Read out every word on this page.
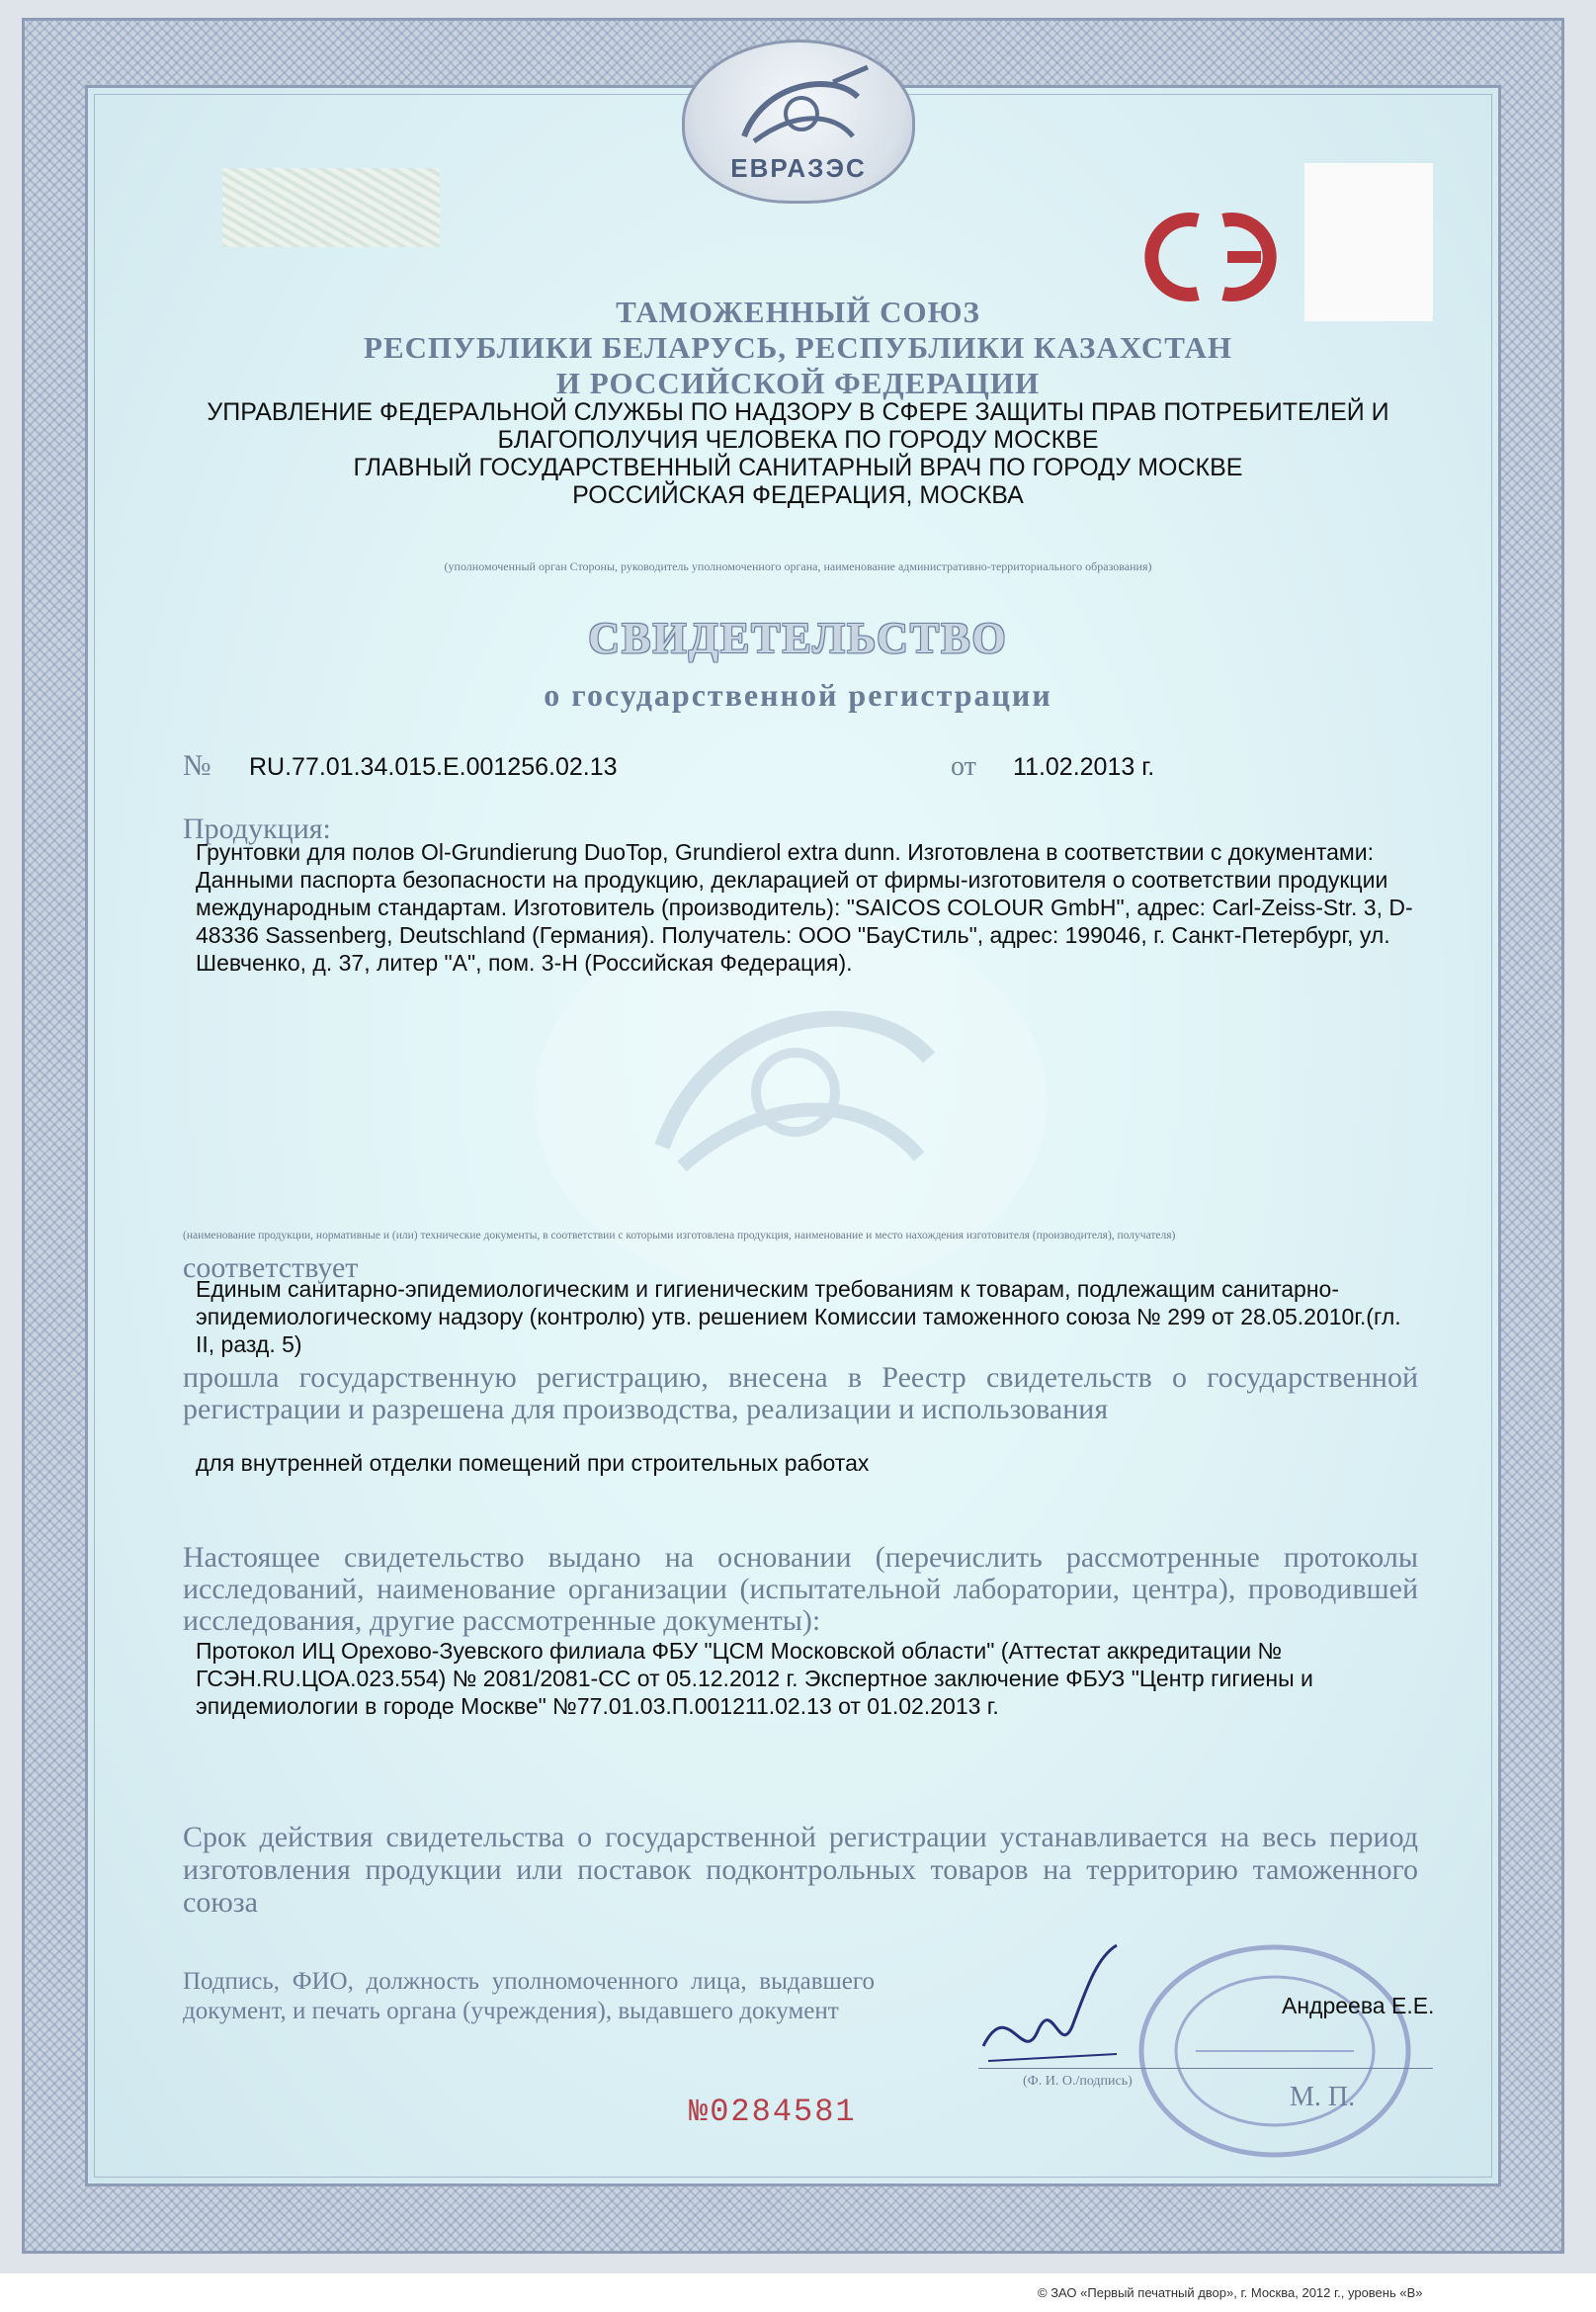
ЕВРАЗЭС

ТАМОЖЕННЫЙ СОЮЗ

РЕСПУБЛИКИ БЕЛАРУСЬ, РЕСПУБЛИКИ КАЗАХСТАН

И РОССИЙСКОЙ ФЕДЕРАЦИИ

УПРАВЛЕНИЕ ФЕДЕРАЛЬНОЙ СЛУЖБЫ ПО НАДЗОРУ В СФЕРЕ ЗАЩИТЫ ПРАВ ПОТРЕБИТЕЛЕЙ И

БЛАГОПОЛУЧИЯ ЧЕЛОВЕКА ПО ГОРОДУ МОСКВЕ

ГЛАВНЫЙ ГОСУДАРСТВЕННЫЙ САНИТАРНЫЙ ВРАЧ ПО ГОРОДУ МОСКВЕ

РОССИЙСКАЯ ФЕДЕРАЦИЯ, МОСКВА

(уполномоченный орган Стороны, руководитель уполномоченного органа, наименование административно-территориального образования)

СВИДЕТЕЛЬСТВО

о государственной регистрации

№ RU.77.01.34.015.Е.001256.02.13	от 11.02.2013 г.

Продукция:

Грунтовки для полов Ol-Grundierung DuoTop, Grundierol extra dunn. Изготовлена в соответствии с документами: Данными паспорта безопасности на продукцию, декларацией от фирмы-изготовителя о соответствии продукции международным стандартам. Изготовитель (производитель): "SAICOS COLOUR GmbH", адрес: Carl-Zeiss-Str. 3, D-48336 Sassenberg, Deutschland (Германия). Получатель: ООО "БауСтиль", адрес: 199046, г. Санкт-Петербург, ул. Шевченко, д. 37, литер "А", пом. 3-Н (Российская Федерация).

(наименование продукции, нормативные и (или) технические документы, в соответствии с которыми изготовлена продукция, наименование и место нахождения изготовителя (производителя), получателя)

соответствует

Единым санитарно-эпидемиологическим и гигиеническим требованиям к товарам, подлежащим санитарно-эпидемиологическому надзору (контролю) утв. решением Комиссии таможенного союза № 299 от 28.05.2010г.(гл. II, разд. 5)

прошла государственную регистрацию, внесена в Реестр свидетельств о государственной регистрации и разрешена для производства, реализации и использования

для внутренней отделки помещений при строительных работах

Настоящее свидетельство выдано на основании (перечислить рассмотренные протоколы исследований, наименование организации (испытательной лаборатории, центра), проводившей исследования, другие рассмотренные документы):

Протокол ИЦ Орехово-Зуевского филиала ФБУ "ЦСМ Московской области" (Аттестат аккредитации № ГСЭН.RU.ЦОА.023.554) № 2081/2081-СС от 05.12.2012 г. Экспертное заключение ФБУЗ "Центр гигиены и эпидемиологии в городе Москве" №77.01.03.П.001211.02.13 от 01.02.2013 г.

Срок действия свидетельства о государственной регистрации устанавливается на весь период изготовления продукции или поставок подконтрольных товаров на территорию таможенного союза

Подпись, ФИО, должность уполномоченного лица, выдавшего документ, и печать органа (учреждения), выдавшего документ	Андреева Е.Е.

(Ф. И. О./подпись)

М. П.

№0284581

© ЗАО «Первый печатный двор», г. Москва, 2012 г., уровень «В»
